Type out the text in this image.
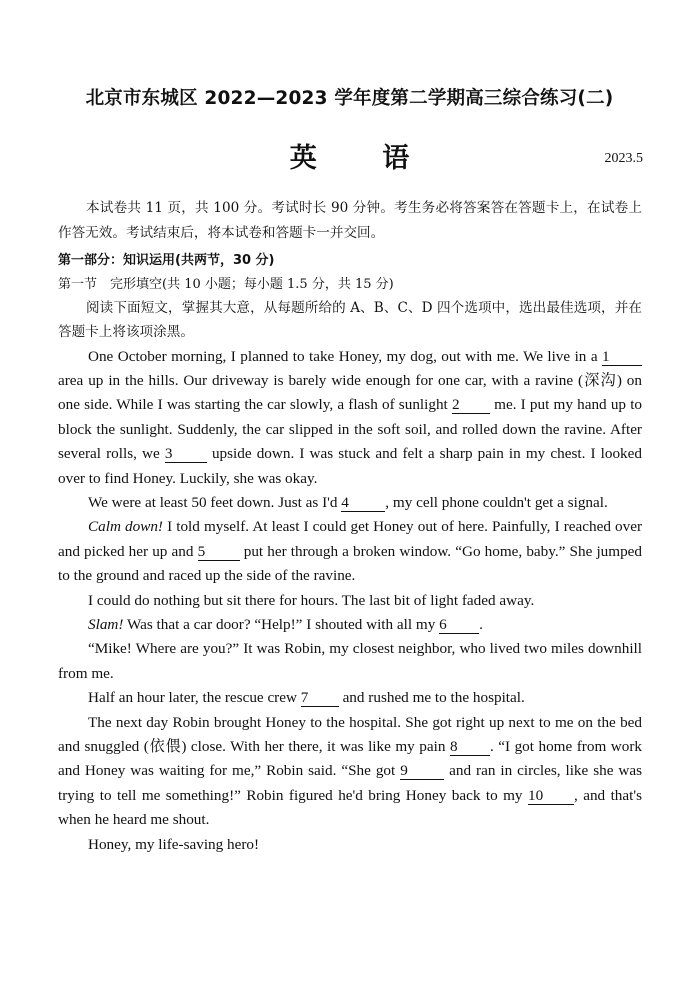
北京市东城区 2022—2023 学年度第二学期高三综合练习(二)
英 语	2023.5

本试卷共 11 页，共 100 分。考试时长 90 分钟。考生务必将答案答在答题卡上，在试卷上作答无效。考试结束后，将本试卷和答题卡一并交回。

第一部分：知识运用(共两节，30 分)

第一节　完形填空(共 10 小题；每小题 1.5 分，共 15 分)

阅读下面短文，掌握其大意，从每题所给的 A、B、C、D 四个选项中，选出最佳选项，并在答题卡上将该项涂黑。

One October morning, I planned to take Honey, my dog, out with me. We live in a 1 area up in the hills. Our driveway is barely wide enough for one car, with a ravine (深沟) on one side. While I was starting the car slowly, a flash of sunlight 2 me. I put my hand up to block the sunlight. Suddenly, the car slipped in the soft soil, and rolled down the ravine. After several rolls, we 3	upside down. I was stuck and felt a sharp pain in my chest. I looked over to find Honey. Luckily, she was okay.

We were at least 50 feet down. Just as I'd 4 , my cell phone couldn't get a signal.

Calm down! I told myself. At least I could get Honey out of here. Painfully, I reached over and picked her up and 5	put her through a broken window. “Go home, baby.” She jumped to the ground and raced up the side of the ravine.

I could do nothing but sit there for hours. The last bit of light faded away.

Slam! Was that a car door? “Help!” I shouted with all my 6 .

“Mike! Where are you?” It was Robin, my closest neighbor, who lived two miles downhill from me.

Half an hour later, the rescue crew 7 and rushed me to the hospital.

The next day Robin brought Honey to the hospital. She got right up next to me on the bed and snuggled (依偎) close. With her there, it was like my pain 8 . “I got home from work and Honey was waiting for me,” Robin said. “She got 9	and ran in circles, like she was trying to tell me something!” Robin figured he'd bring Honey back to my 10 , and that's when he heard me shout.

Honey, my life-saving hero!
